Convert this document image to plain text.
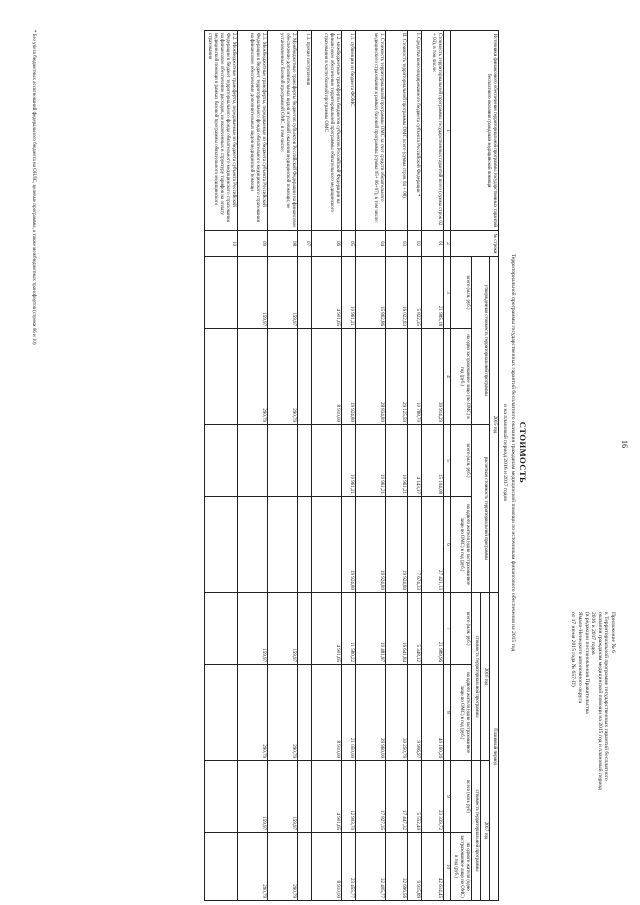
16
Приложение № 6
к Территориальной программе государственных гарантий бесплатного
оказания гражданам медицинской помощи на 2015 год и плановый период
2016 и 2017 годов
(в редакции постановления Правительства
Ямало-Ненецкого автономного округа
от 17 июня 2015 года № 657-П)
СТОИМОСТЬ
Территориальной программы государственных гарантий бесплатного оказания гражданам медицинской помощи по источникам финансового обеспечения на 2015 год
и на плановый период 2016 и 2017 годов
Источники финансового обеспечения территориальной программы государственных гарантий бесплатного оказания гражданам медицинской помощи	№ строки	2015 год				Плановый период			
		утвержденная стоимость территориальной программы		расчетная стоимость территориальной программы		2016 год		2017 год	
						стоимость территориальной программы		стоимость территориальной программы	
		всего (млн. руб.)	на одно застрахованное лицо (по ОМС) в год (руб.)	всего (млн. руб.)	на одного жителя (одно застрахованное лицо по ОМС) в год (руб.)	всего (млн. руб.)	на одного жителя (одно застрахованное лицо по ОМС) в год (руб.)	всего (млн. руб)	на одного жителя (одно застрахованное лицо по ОМС) в год (руб.)
1	2	3	4	5	6	7	8	9	10
Стоимость территориальной программы государственных гарантий всего (сумма строк 02 + 03), в том числе:	01	21 985,18	39 914,29	15 104,08	27 421,13	21 989,96	40 160,26	23 339,72	42 614,45
I. Средства консолидированного бюджета субъекта Российской Федерации *	02	5 822,35	10 788,70	4 143,37	7 674,33	5 348,12	9 906,97	5 552,40	9 915,89
II. Стоимость территориальной программы ОМС всего (сумма строк 04 + 08)	03	16 022,83	29 125,59	10 961,21	19 924,80	16 641,84	30 250,79	17 447,32	32 696,56
1. Стоимость территориальной программы ОМС за счет средств обязательного медицинского страхования в рамках базовой программы (сумма 05+ 06+07), в том числе:	04	15 862,86	28 834,80	10 961,21	19 924,80	10 481,87	29 960,00	17 827,35	32 405,77
1.1. субвенции из бюджета ФОМС	05	10 961,21	19 924,80	10 961,21	19 924,80	11 580,22	21 050,00	12 903,70	23 455,77
1.2. межбюджетные трансферты бюджетов субъектов Российской Федерации на финансовое обеспечение территориальной программы обязательного медицинского страхования в части базовой программы ОМС	06	4 901,65	8 910,00			4 901,65	8 910,00	4 901,65	8 910,00
1.3. прочие поступления	07								
2. Межбюджетные трансферты бюджетов субъектов Российской Федерации на финансовое обеспечение дополнительных видов и условий оказания медицинской помощи, не установленных базовой программой ОМС, в том числе:	08	159,97	290,79			159,97	290,79	159,97	290,79
2.1. Межбюджетные трансферты, передаваемые из бюджета субъекта Российской Федерации в бюджет территориального фонда обязательного медицинского страхования на финансовое обеспечение дополнительных видов медицинской помощи	09	159,97	290,79			159,97	290,79	159,97	290,79
2.2. Межбюджетные трансферты, передаваемые из бюджета субъекта Российской Федерации в бюджет территориального фонда обязательного медицинского страхования на финансовое обеспечение расходов, не включенных в структуру тарифов на оплату медицинской помощи в рамках базовой программы обязательного медицинского страхования	10								
* Без учета бюджетных ассигнований федерального бюджета на ОНЛС, целевые программы, а также межбюджетных трансфертов (строки 06 и 10)
